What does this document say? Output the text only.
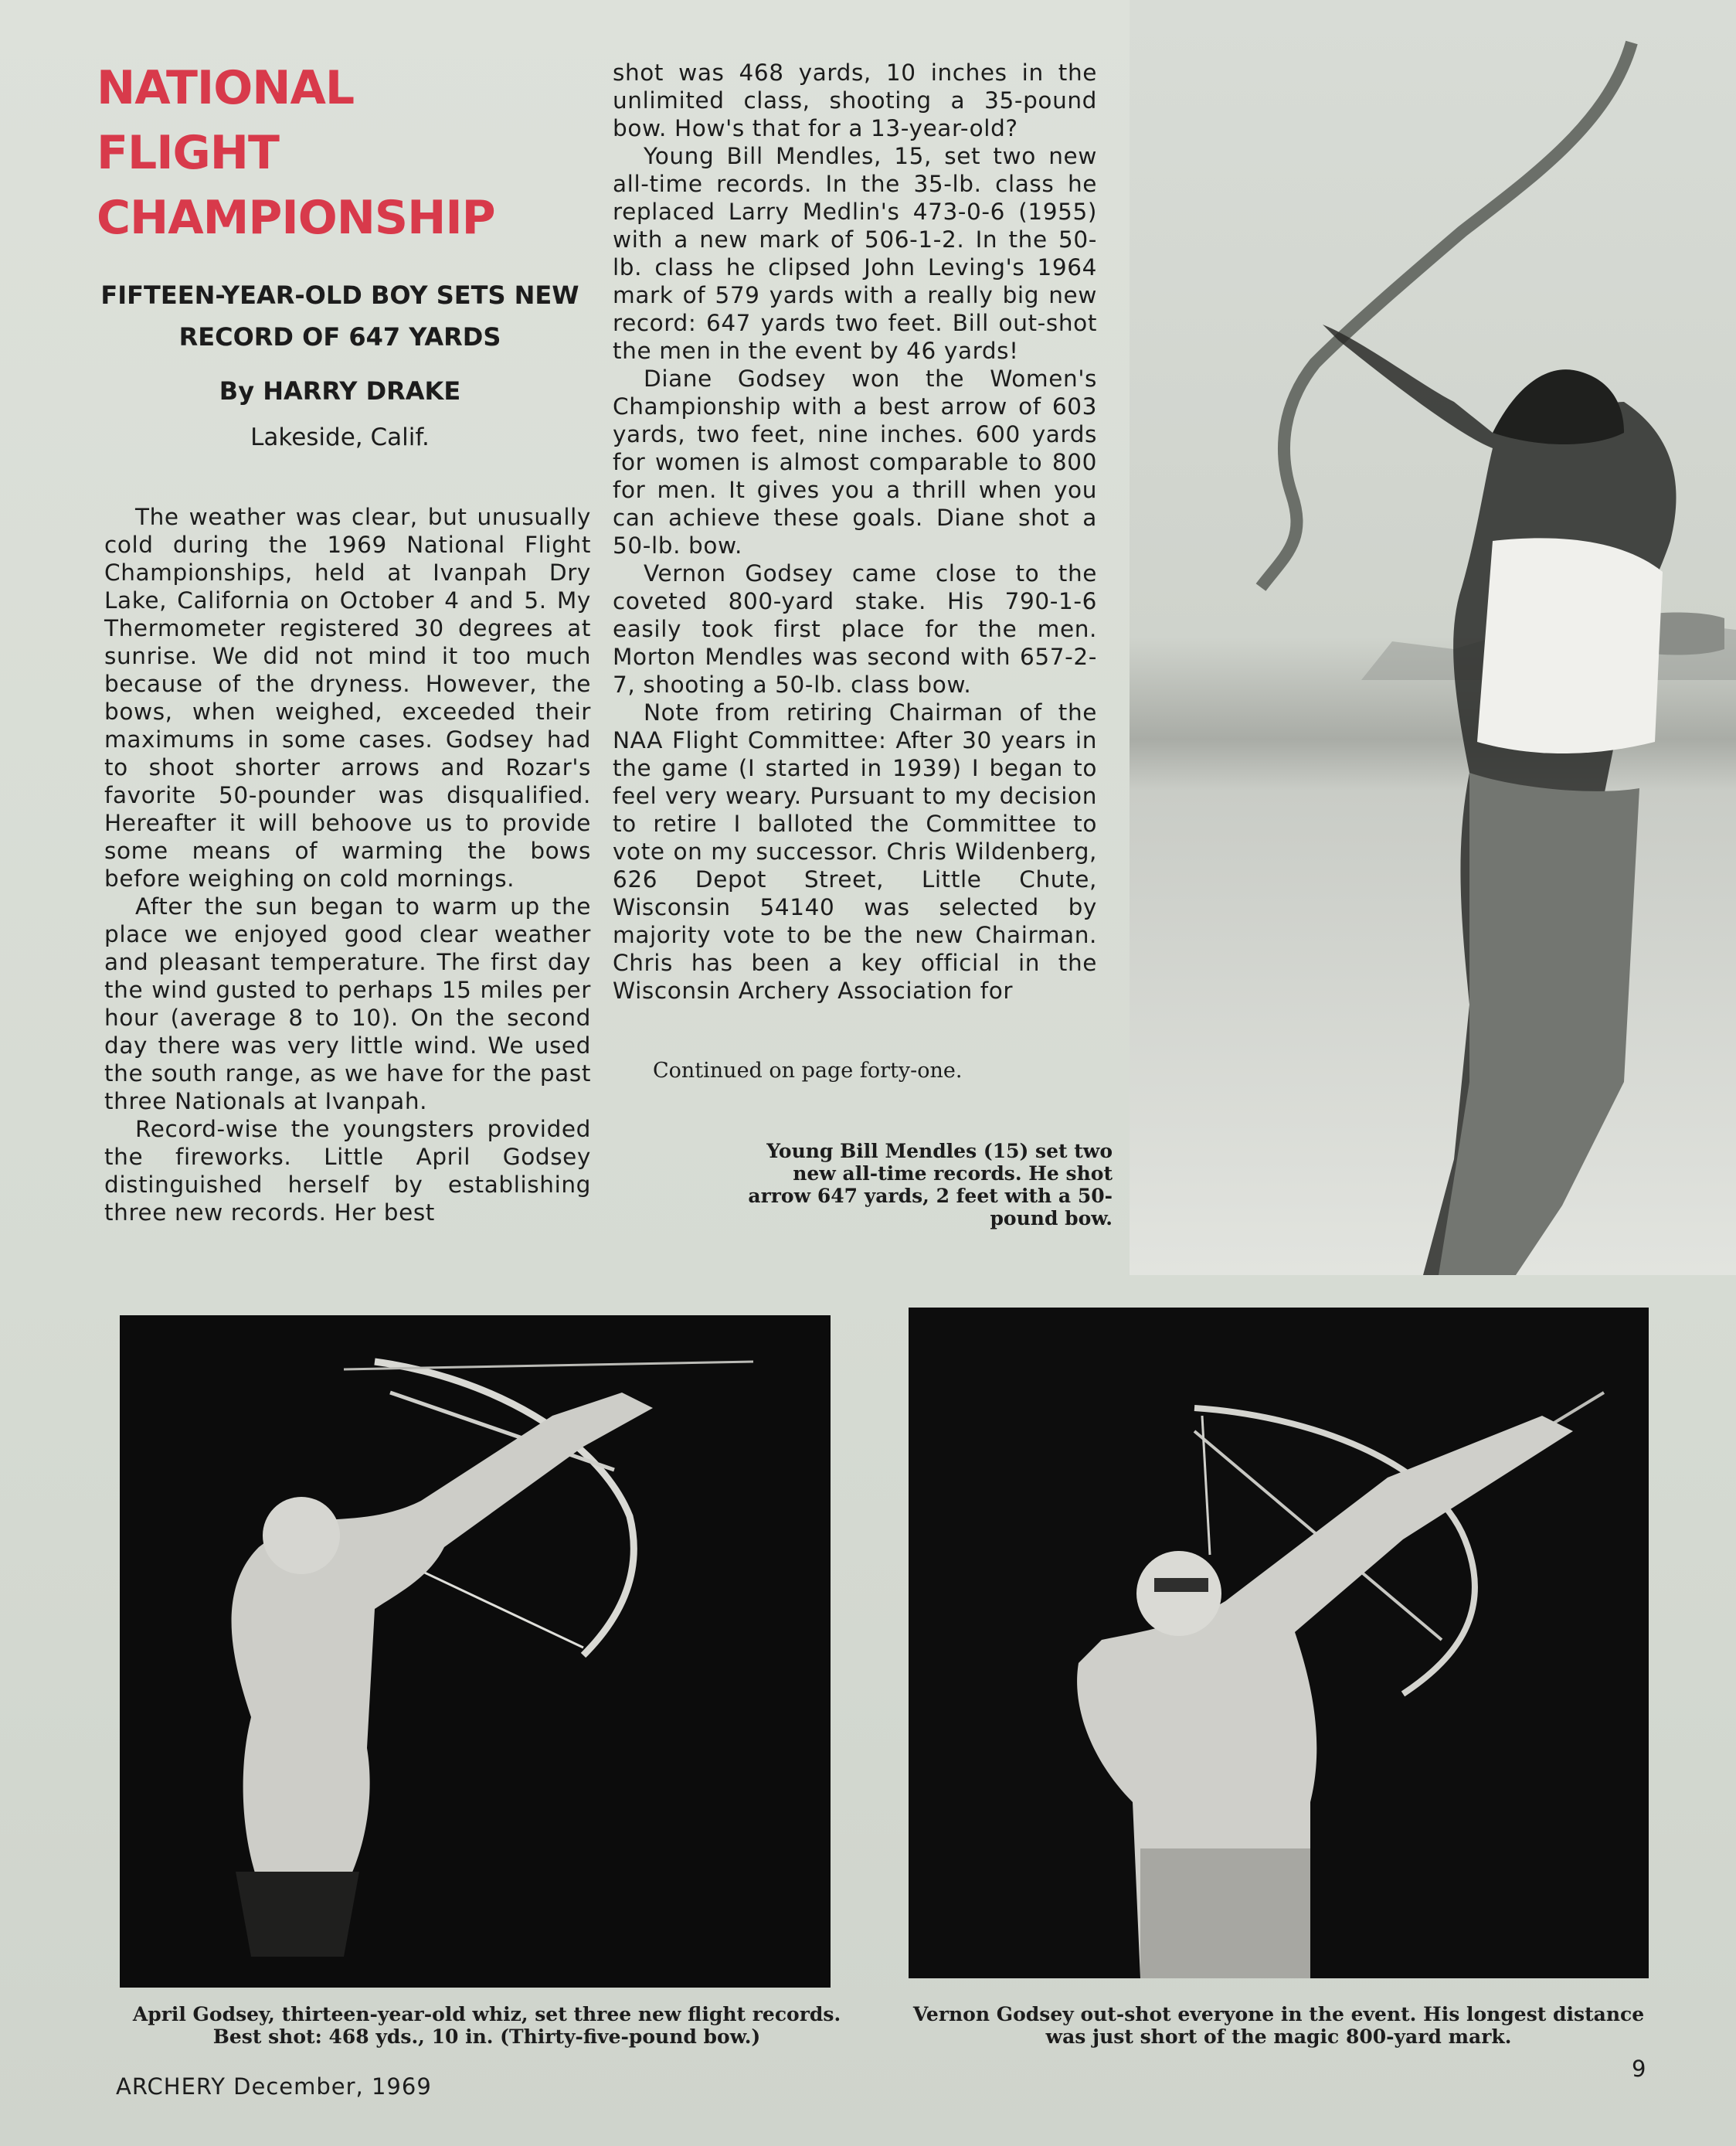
NATIONAL
FLIGHT
CHAMPIONSHIP
FIFTEEN-YEAR-OLD BOY SETS NEW
RECORD OF 647 YARDS
By HARRY DRAKE
Lakeside, Calif.

The weather was clear, but unusually cold during the 1969 National Flight Championships, held at Ivanpah Dry Lake, California on October 4 and 5. My Thermometer registered 30 degrees at sunrise. We did not mind it too much because of the dryness. However, the bows, when weighed, exceeded their maximums in some cases. Godsey had to shoot shorter arrows and Rozar's favorite 50-pounder was disqualified. Hereafter it will behoove us to provide some means of warming the bows before weighing on cold mornings.

After the sun began to warm up the place we enjoyed good clear weather and pleasant temperature. The first day the wind gusted to perhaps 15 miles per hour (average 8 to 10). On the second day there was very little wind. We used the south range, as we have for the past three Nationals at Ivanpah.

Record-wise the youngsters provided the fireworks. Little April Godsey distinguished herself by establishing three new records. Her best

shot was 468 yards, 10 inches in the unlimited class, shooting a 35-pound bow. How's that for a 13-year-old?

Young Bill Mendles, 15, set two new all-time records. In the 35-lb. class he replaced Larry Medlin's 473-0-6 (1955) with a new mark of 506-1-2. In the 50-lb. class he clipsed John Leving's 1964 mark of 579 yards with a really big new record: 647 yards two feet. Bill out-shot the men in the event by 46 yards!

Diane Godsey won the Women's Championship with a best arrow of 603 yards, two feet, nine inches. 600 yards for women is almost comparable to 800 for men. It gives you a thrill when you can achieve these goals. Diane shot a 50-lb. bow.

Vernon Godsey came close to the coveted 800-yard stake. His 790-1-6 easily took first place for the men. Morton Mendles was second with 657-2-7, shooting a 50-lb. class bow.

Note from retiring Chairman of the NAA Flight Committee: After 30 years in the game (I started in 1939) I began to feel very weary. Pursuant to my decision to retire I balloted the Committee to vote on my successor. Chris Wildenberg, 626 Depot Street, Little Chute, Wisconsin 54140 was selected by majority vote to be the new Chairman. Chris has been a key official in the Wisconsin Archery Association for

Continued on page forty-one.
Young Bill Mendles (15) set two new all-time records. He shot arrow 647 yards, 2 feet with a 50-pound bow.
April Godsey, thirteen-year-old whiz, set three new flight records. Best shot: 468 yds., 10 in. (Thirty-five-pound bow.)
Vernon Godsey out-shot everyone in the event. His longest distance was just short of the magic 800-yard mark.
ARCHERY December, 1969
9
